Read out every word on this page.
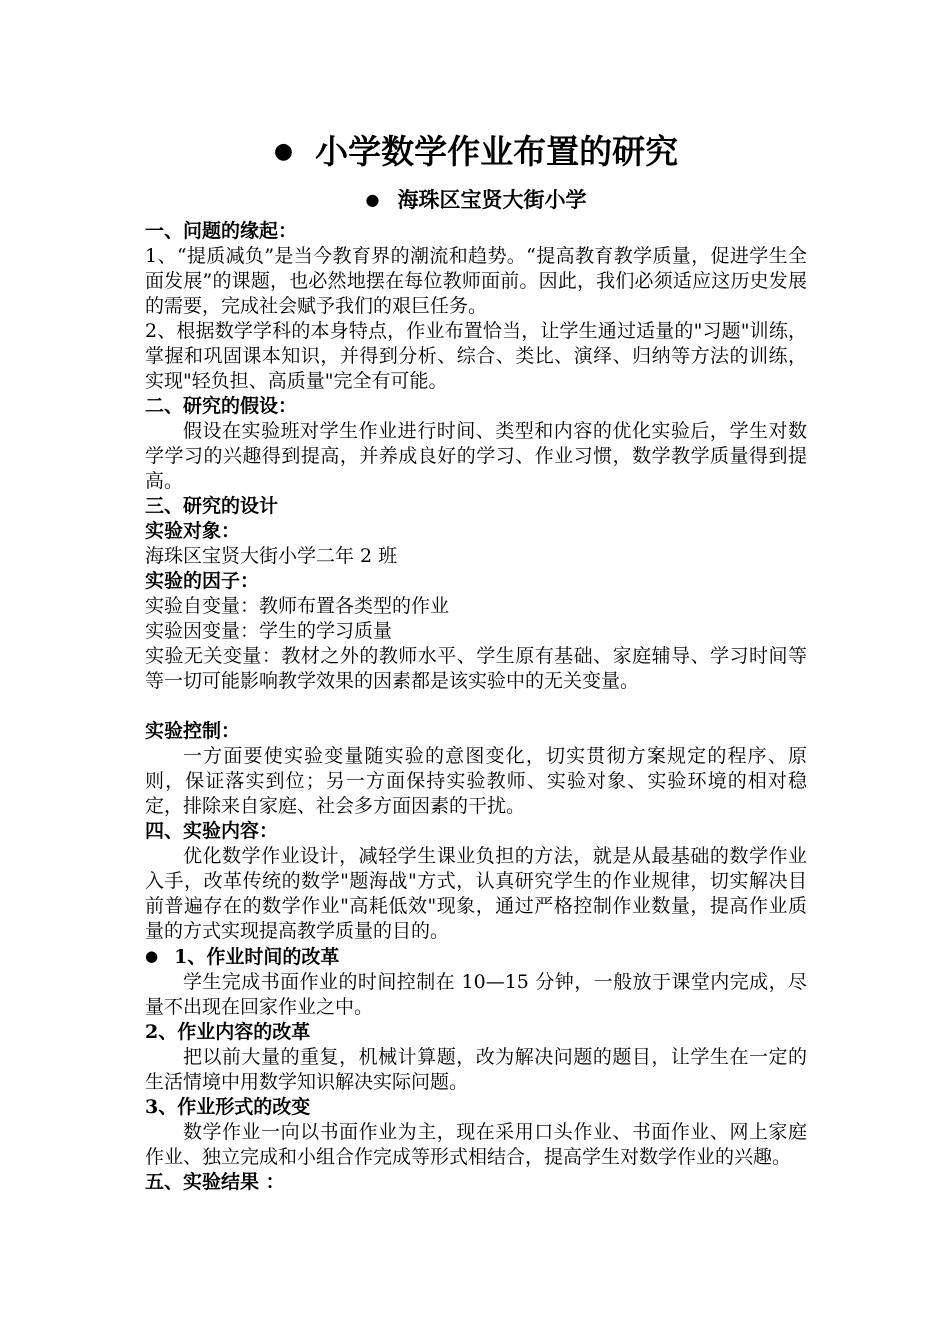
● 小学数学作业布置的研究
● 海珠区宝贤大街小学

一、问题的缘起：

1、“提质减负”是当今教育界的潮流和趋势。“提高教育教学质量，促进学生全面发展”的课题，也必然地摆在每位教师面前。因此，我们必须适应这历史发展的需要，完成社会赋予我们的艰巨任务。

2、根据数学学科的本身特点，作业布置恰当，让学生通过适量的"习题"训练，掌握和巩固课本知识，并得到分析、综合、类比、演绎、归纳等方法的训练，实现"轻负担、高质量"完全有可能。

二、研究的假设：

假设在实验班对学生作业进行时间、类型和内容的优化实验后，学生对数学学习的兴趣得到提高，并养成良好的学习、作业习惯，数学教学质量得到提高。

三、研究的设计

实验对象：

海珠区宝贤大街小学二年 2 班

实验的因子：

实验自变量：教师布置各类型的作业

实验因变量：学生的学习质量

实验无关变量：教材之外的教师水平、学生原有基础、家庭辅导、学习时间等等一切可能影响教学效果的因素都是该实验中的无关变量。

实验控制：

一方面要使实验变量随实验的意图变化，切实贯彻方案规定的程序、原则，保证落实到位；另一方面保持实验教师、实验对象、实验环境的相对稳定，排除来自家庭、社会多方面因素的干扰。

四、实验内容：

优化数学作业设计，减轻学生课业负担的方法，就是从最基础的数学作业入手，改革传统的数学"题海战"方式，认真研究学生的作业规律，切实解决目前普遍存在的数学作业"高耗低效"现象，通过严格控制作业数量，提高作业质量的方式实现提高教学质量的目的。

● 1、作业时间的改革

学生完成书面作业的时间控制在 10—15 分钟，一般放于课堂内完成，尽量不出现在回家作业之中。

2、作业内容的改革

把以前大量的重复，机械计算题，改为解决问题的题目，让学生在一定的生活情境中用数学知识解决实际问题。

3、作业形式的改变

数学作业一向以书面作业为主，现在采用口头作业、书面作业、网上家庭作业、独立完成和小组合作完成等形式相结合，提高学生对数学作业的兴趣。

五、实验结果 ：
